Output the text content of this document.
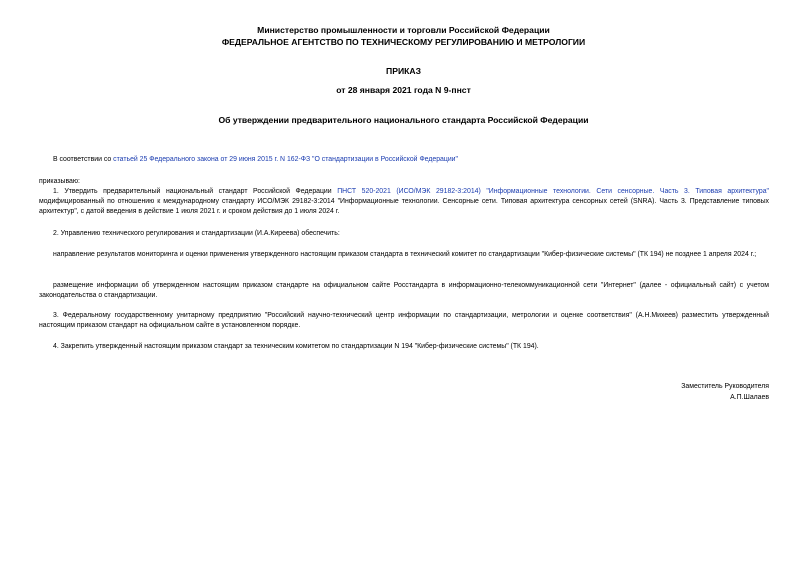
Министерство промышленности и торговли Российской Федерации
ФЕДЕРАЛЬНОЕ АГЕНТСТВО ПО ТЕХНИЧЕСКОМУ РЕГУЛИРОВАНИЮ И МЕТРОЛОГИИ
ПРИКАЗ
от 28 января 2021 года N 9-пнст
Об утверждении предварительного национального стандарта Российской Федерации
В соответствии со статьей 25 Федерального закона от 29 июня 2015 г. N 162-ФЗ "О стандартизации в Российской Федерации"
приказываю:
1. Утвердить предварительный национальный стандарт Российской Федерации ПНСТ 520-2021 (ИСО/МЭК 29182-3:2014) "Информационные технологии. Сети сенсорные. Часть 3. Типовая архитектура" модифицированный по отношению к международному стандарту ИСО/МЭК 29182-3:2014 "Информационные технологии. Сенсорные сети. Типовая архитектура сенсорных сетей (SNRA). Часть 3. Представление типовых архитектур", с датой введения в действие 1 июля 2021 г. и сроком действия до 1 июля 2024 г.
2. Управлению технического регулирования и стандартизации (И.А.Киреева) обеспечить:
направление результатов мониторинга и оценки применения утвержденного настоящим приказом стандарта в технический комитет по стандартизации "Кибер-физические системы" (ТК 194) не позднее 1 апреля 2024 г.;
размещение информации об утвержденном настоящим приказом стандарте на официальном сайте Росстандарта в информационно-телекоммуникационной сети "Интернет" (далее - официальный сайт) с учетом законодательства о стандартизации.
3. Федеральному государственному унитарному предприятию "Российский научно-технический центр информации по стандартизации, метрологии и оценке соответствия" (А.Н.Михеев) разместить утвержденный настоящим приказом стандарт на официальном сайте в установленном порядке.
4. Закрепить утвержденный настоящим приказом стандарт за техническим комитетом по стандартизации N 194 "Кибер-физические системы" (ТК 194).
Заместитель Руководителя
А.П.Шалаев
